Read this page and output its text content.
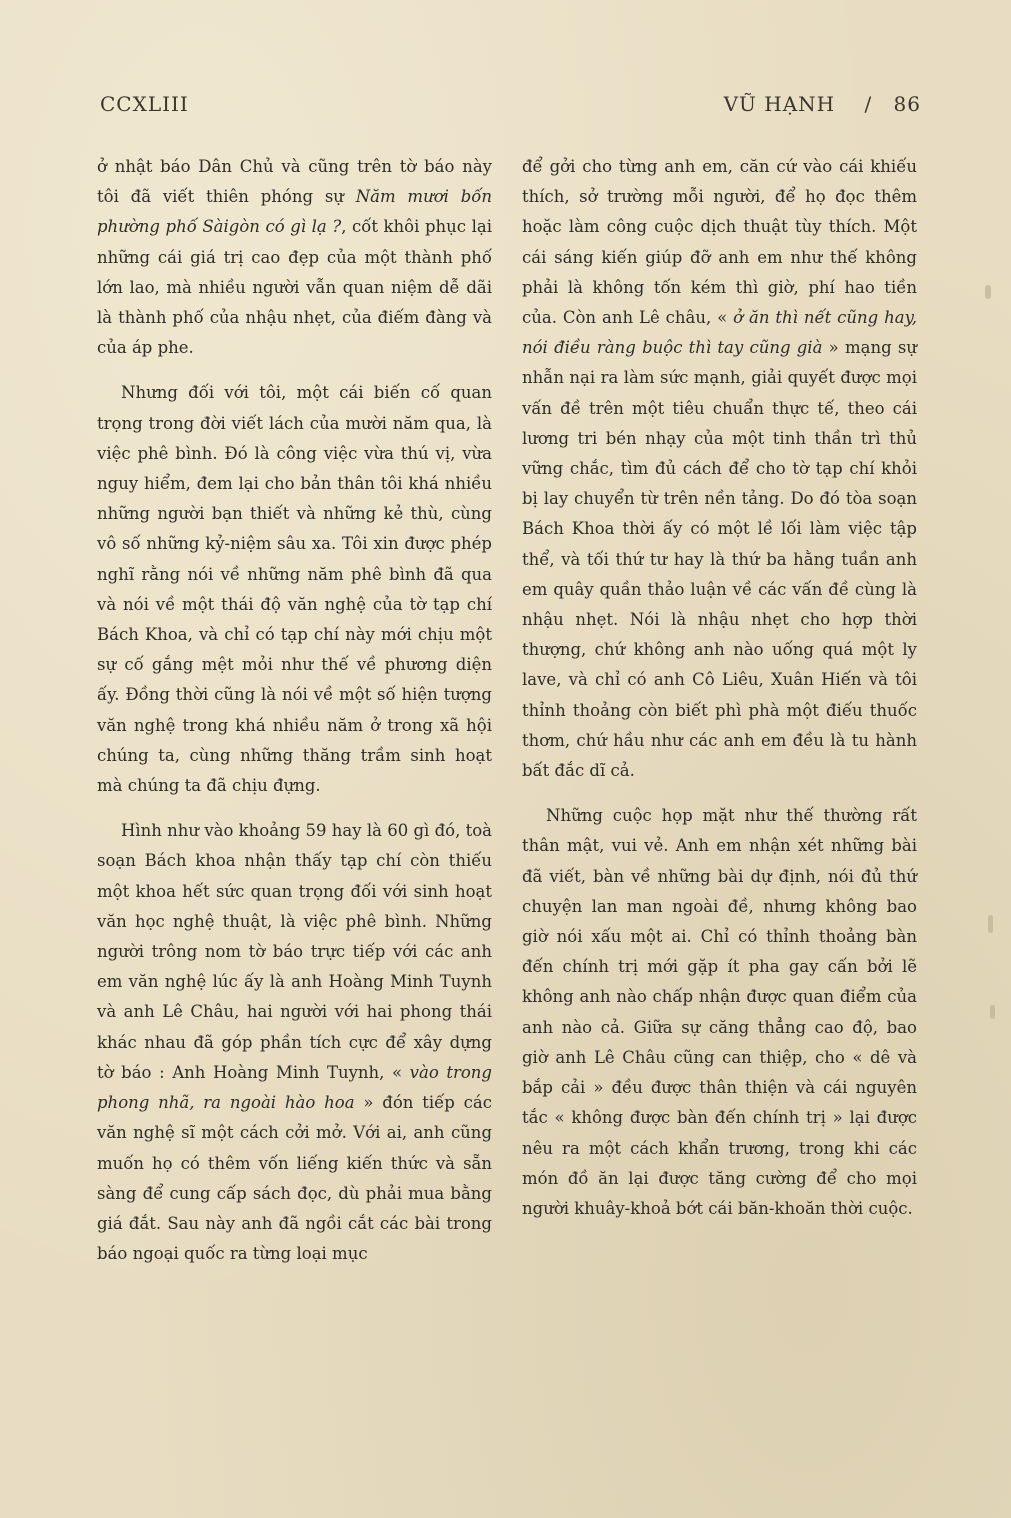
CCXLIII	VŨ HẠNH / 86

ở nhật báo Dân Chủ và cũng trên tờ báo này tôi đã viết thiên phóng sự Năm mươi bốn phường phố Sàigòn có gì lạ ?, cốt khôi phục lại những cái giá trị cao đẹp của một thành phố lớn lao, mà nhiều người vẫn quan niệm dễ dãi là thành phố của nhậu nhẹt, của điếm đàng và của áp phe.

Nhưng đối với tôi, một cái biến cố quan trọng trong đời viết lách của mười năm qua, là việc phê bình. Đó là công việc vừa thú vị, vừa nguy hiểm, đem lại cho bản thân tôi khá nhiều những người bạn thiết và những kẻ thù, cùng vô số những kỷ-niệm sâu xa. Tôi xin được phép nghĩ rằng nói về những năm phê bình đã qua và nói về một thái độ văn nghệ của tờ tạp chí Bách Khoa, và chỉ có tạp chí này mới chịu một sự cố gắng mệt mỏi như thế về phương diện ấy. Đồng thời cũng là nói về một số hiện tượng văn nghệ trong khá nhiều năm ở trong xã hội chúng ta, cùng những thăng trầm sinh hoạt mà chúng ta đã chịu đựng.

Hình như vào khoảng 59 hay là 60 gì đó, toà soạn Bách khoa nhận thấy tạp chí còn thiếu một khoa hết sức quan trọng đối với sinh hoạt văn học nghệ thuật, là việc phê bình. Những người trông nom tờ báo trực tiếp với các anh em văn nghệ lúc ấy là anh Hoàng Minh Tuynh và anh Lê Châu, hai người với hai phong thái khác nhau đã góp phần tích cực để xây dựng tờ báo : Anh Hoàng Minh Tuynh, « vào trong phong nhã, ra ngoài hào hoa » đón tiếp các văn nghệ sĩ một cách cởi mở. Với ai, anh cũng muốn họ có thêm vốn liếng kiến thức và sẵn sàng để cung cấp sách đọc, dù phải mua bằng giá đắt. Sau này anh đã ngồi cắt các bài trong báo ngoại quốc ra từng loại mục

để gởi cho từng anh em, căn cứ vào cái khiếu thích, sở trường mỗi người, để họ đọc thêm hoặc làm công cuộc dịch thuật tùy thích. Một cái sáng kiến giúp đỡ anh em như thế không phải là không tốn kém thì giờ, phí hao tiền của. Còn anh Lê châu, « ở ăn thì nết cũng hay, nói điều ràng buộc thì tay cũng già » mạng sự nhẫn nại ra làm sức mạnh, giải quyết được mọi vấn đề trên một tiêu chuẩn thực tế, theo cái lương tri bén nhạy của một tinh thần trì thủ vững chắc, tìm đủ cách để cho tờ tạp chí khỏi bị lay chuyển từ trên nền tảng. Do đó tòa soạn Bách Khoa thời ấy có một lề lối làm việc tập thể, và tối thứ tư hay là thứ ba hằng tuần anh em quây quần thảo luận về các vấn đề cùng là nhậu nhẹt. Nói là nhậu nhẹt cho hợp thời thượng, chứ không anh nào uống quá một ly lave, và chỉ có anh Cô Liêu, Xuân Hiến và tôi thỉnh thoảng còn biết phì phà một điếu thuốc thơm, chứ hầu như các anh em đều là tu hành bất đắc dĩ cả.

Những cuộc họp mặt như thế thường rất thân mật, vui vẻ. Anh em nhận xét những bài đã viết, bàn về những bài dự định, nói đủ thứ chuyện lan man ngoài đề, nhưng không bao giờ nói xấu một ai. Chỉ có thỉnh thoảng bàn đến chính trị mới gặp ít pha gay cấn bởi lẽ không anh nào chấp nhận được quan điểm của anh nào cả. Giữa sự căng thẳng cao độ, bao giờ anh Lê Châu cũng can thiệp, cho « dê và bắp cải » đều được thân thiện và cái nguyên tắc « không được bàn đến chính trị » lại được nêu ra một cách khẩn trương, trong khi các món đồ ăn lại được tăng cường để cho mọi người khuây-khoả bớt cái băn-khoăn thời cuộc.
